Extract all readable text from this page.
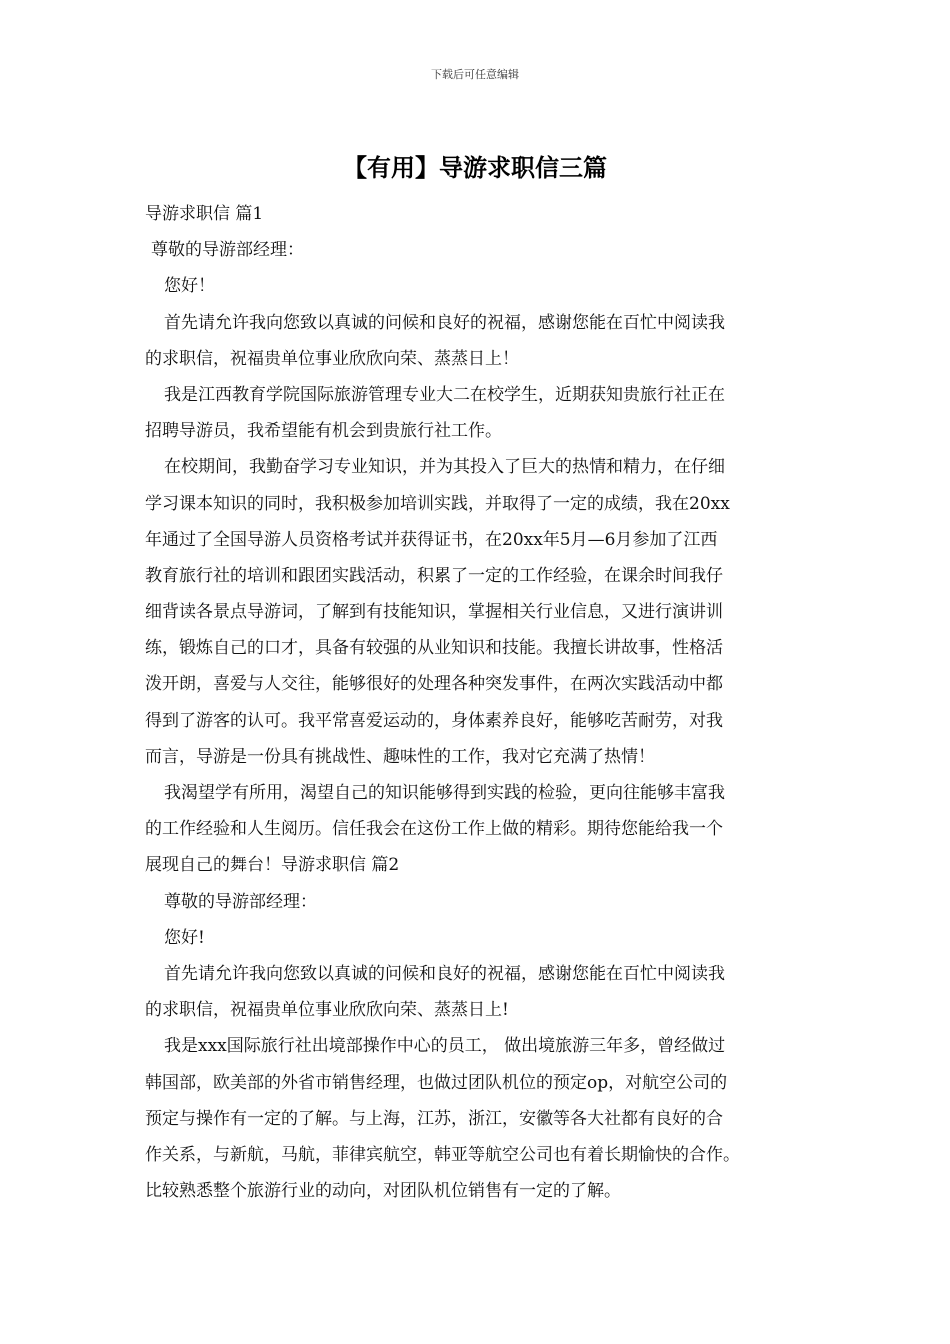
下载后可任意编辑
【有用】导游求职信三篇
导游求职信 篇1
尊敬的导游部经理：
您好！
首先请允许我向您致以真诚的问候和良好的祝福，感谢您能在百忙中阅读我
的求职信，祝福贵单位事业欣欣向荣、蒸蒸日上！
我是江西教育学院国际旅游管理专业大二在校学生，近期获知贵旅行社正在
招聘导游员，我希望能有机会到贵旅行社工作。
在校期间，我勤奋学习专业知识，并为其投入了巨大的热情和精力，在仔细
学习课本知识的同时，我积极参加培训实践，并取得了一定的成绩，我在20xx
年通过了全国导游人员资格考试并获得证书，在20xx年5月—6月参加了江西
教育旅行社的培训和跟团实践活动，积累了一定的工作经验，在课余时间我仔
细背读各景点导游词，了解到有技能知识，掌握相关行业信息，又进行演讲训
练，锻炼自己的口才，具备有较强的从业知识和技能。我擅长讲故事，性格活
泼开朗，喜爱与人交往，能够很好的处理各种突发事件，在两次实践活动中都
得到了游客的认可。我平常喜爱运动的，身体素养良好，能够吃苦耐劳，对我
而言，导游是一份具有挑战性、趣味性的工作，我对它充满了热情！
我渴望学有所用，渴望自己的知识能够得到实践的检验，更向往能够丰富我
的工作经验和人生阅历。信任我会在这份工作上做的精彩。期待您能给我一个
展现自己的舞台！导游求职信 篇2
尊敬的导游部经理：
您好!
首先请允许我向您致以真诚的问候和良好的祝福，感谢您能在百忙中阅读我
的求职信，祝福贵单位事业欣欣向荣、蒸蒸日上!
我是xxx国际旅行社出境部操作中心的员工， 做出境旅游三年多，曾经做过
韩国部，欧美部的外省市销售经理，也做过团队机位的预定op，对航空公司的
预定与操作有一定的了解。与上海，江苏，浙江，安徽等各大社都有良好的合
作关系，与新航，马航，菲律宾航空，韩亚等航空公司也有着长期愉快的合作。
比较熟悉整个旅游行业的动向，对团队机位销售有一定的了解。
